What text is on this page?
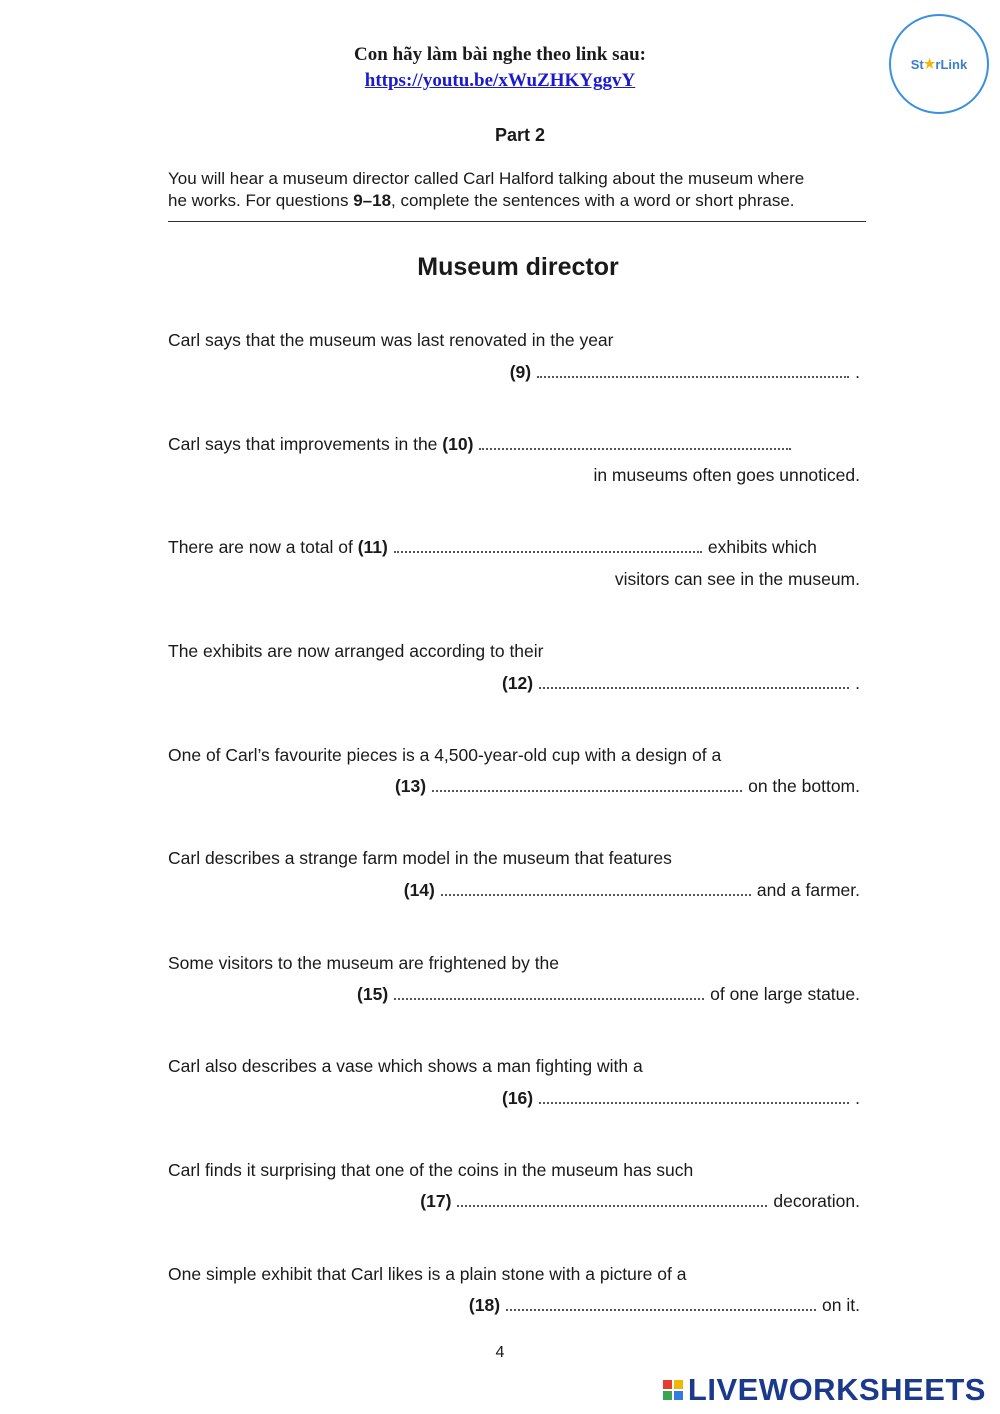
Con hãy làm bài nghe theo link sau:
https://youtu.be/xWuZHKYggvY
St ★ rLink
Part 2
You will hear a museum director called Carl Halford talking about the museum where
he works. For questions 9–18, complete the sentences with a word or short phrase.
Museum director
Carl says that the museum was last renovated in the year
(9)	.
Carl says that improvements in the (10)
in museums often goes unnoticed.
There are now a total of (11)	exhibits which
visitors can see in the museum.
The exhibits are now arranged according to their
(12)	.
One of Carl’s favourite pieces is a 4,500-year-old cup with a design of a
(13)	on the bottom.
Carl describes a strange farm model in the museum that features
(14)	and a farmer.
Some visitors to the museum are frightened by the
(15)	of one large statue.
Carl also describes a vase which shows a man fighting with a
(16)	.
Carl finds it surprising that one of the coins in the museum has such
(17)	decoration.
One simple exhibit that Carl likes is a plain stone with a picture of a
(18)	on it.
4
LIVEWORKSHEETS
